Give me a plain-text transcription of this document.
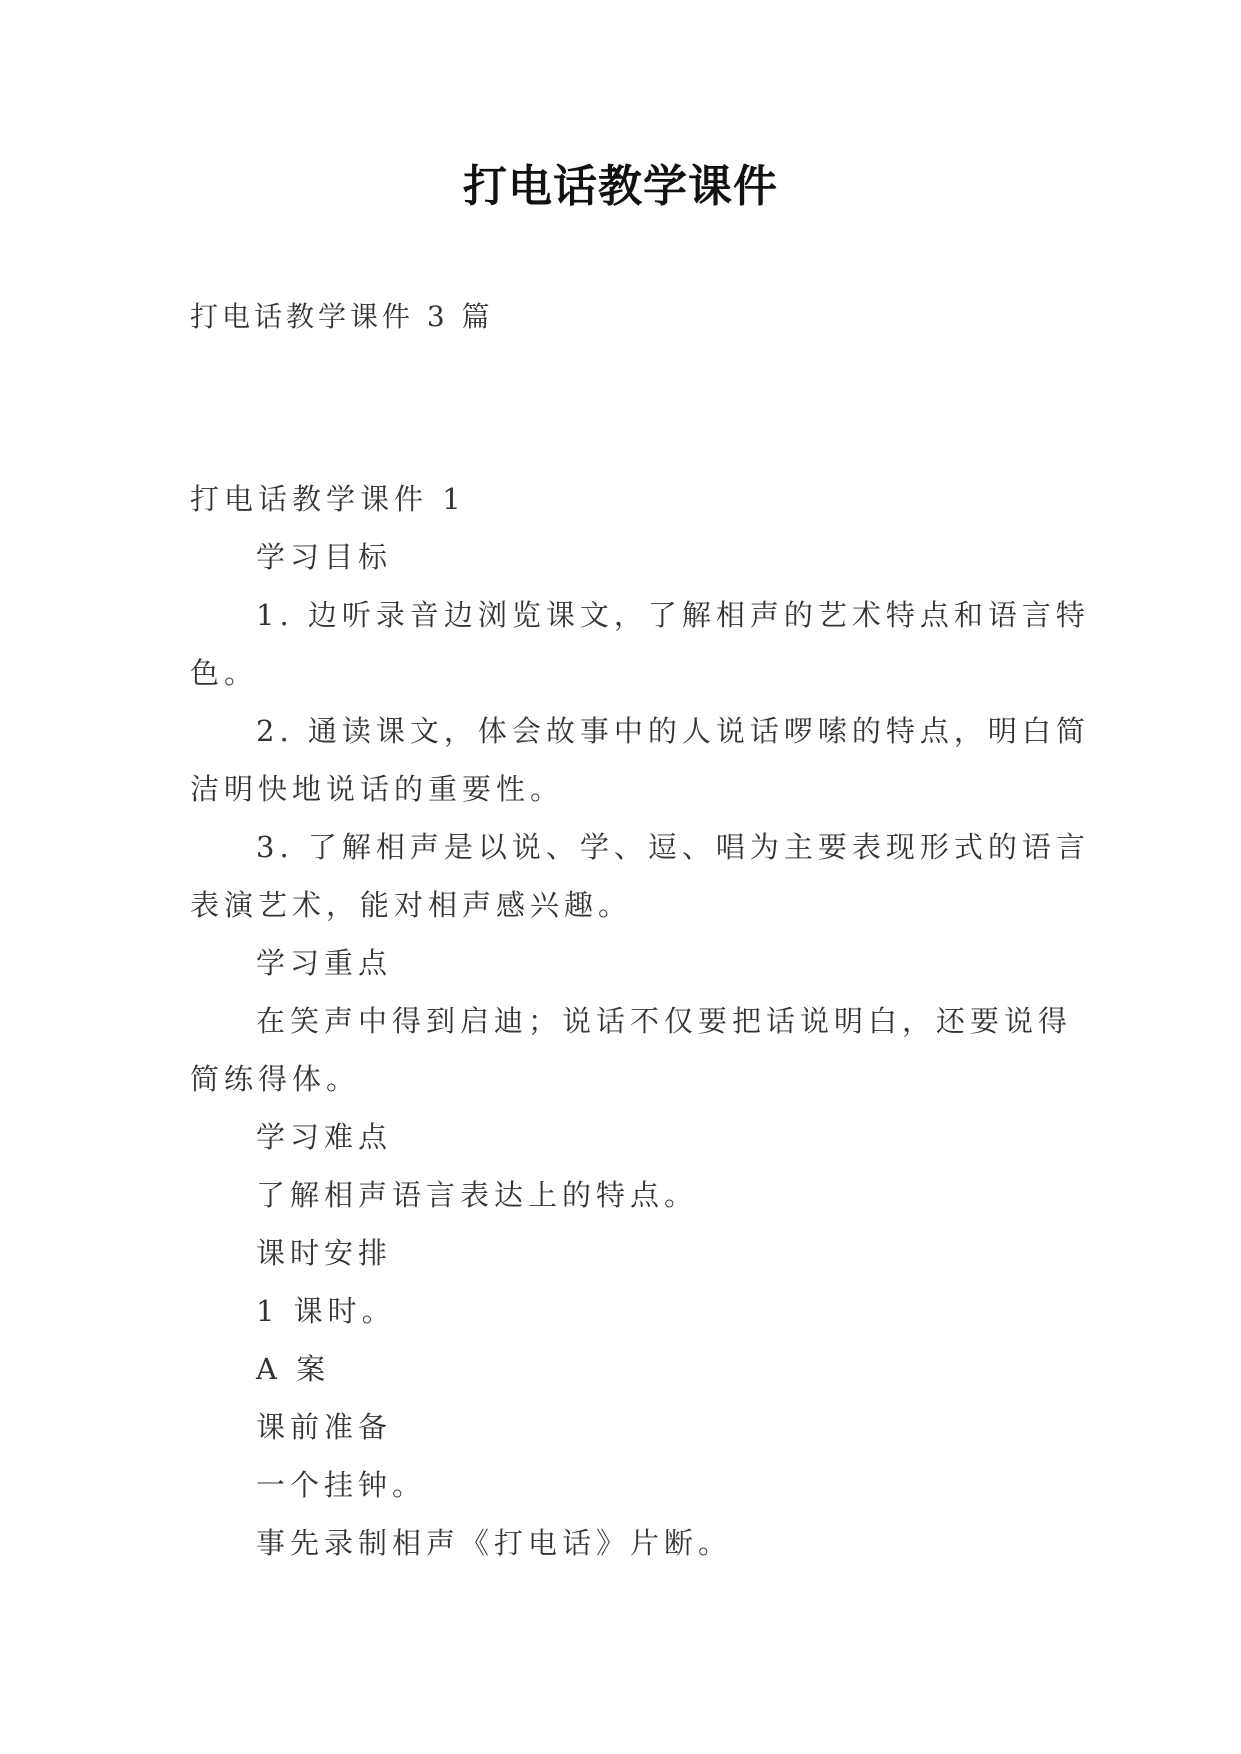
打电话教学课件
打电话教学课件 3 篇
打电话教学课件 1
学习目标
1. 边听录音边浏览课文，了解相声的艺术特点和语言特
色。
2. 通读课文，体会故事中的人说话啰嗦的特点，明白简
洁明快地说话的重要性。
3. 了解相声是以说、学、逗、唱为主要表现形式的语言
表演艺术，能对相声感兴趣。
学习重点
在笑声中得到启迪；说话不仅要把话说明白，还要说得
简练得体。
学习难点
了解相声语言表达上的特点。
课时安排
1 课时。
A 案
课前准备
一个挂钟。
事先录制相声《打电话》片断。
